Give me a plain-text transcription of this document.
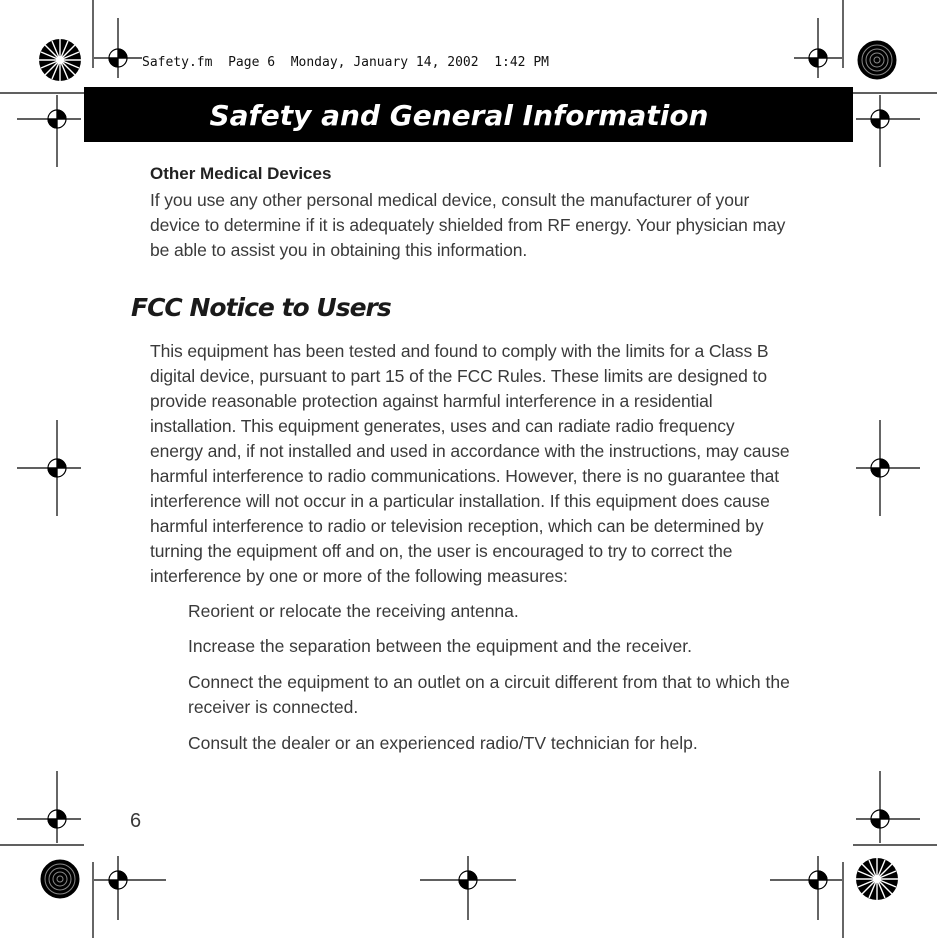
Safety.fm  Page 6  Monday, January 14, 2002  1:42 PM
Safety and General Information
Other Medical Devices
If you use any other personal medical device, consult the manufacturer of your device to determine if it is adequately shielded from RF energy. Your physician may be able to assist you in obtaining this information.
FCC Notice to Users
This equipment has been tested and found to comply with the limits for a Class B digital device, pursuant to part 15 of the FCC Rules. These limits are designed to provide reasonable protection against harmful interference in a residential installation. This equipment generates, uses and can radiate radio frequency energy and, if not installed and used in accordance with the instructions, may cause harmful interference to radio communications. However, there is no guarantee that interference will not occur in a particular installation. If this equipment does cause harmful interference to radio or television reception, which can be determined by turning the equipment off and on, the user is encouraged to try to correct the interference by one or more of the following measures:
Reorient or relocate the receiving antenna.
Increase the separation between the equipment and the receiver.
Connect the equipment to an outlet on a circuit different from that to which the receiver is connected.
Consult the dealer or an experienced radio/TV technician for help.
6
